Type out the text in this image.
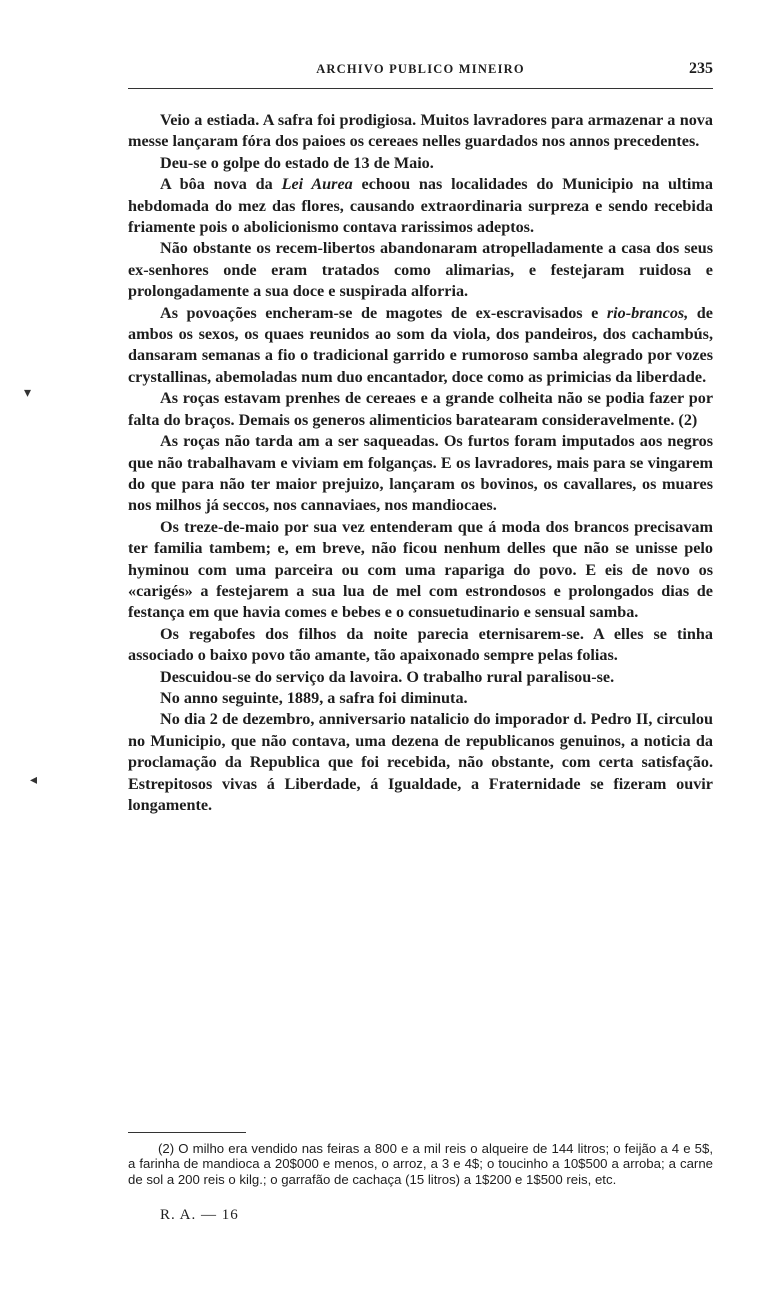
ARCHIVO PUBLICO MINEIRO	235

Veio a estiada. A safra foi prodigiosa. Muitos lavradores para armazenar a nova messe lançaram fóra dos paioes os cereaes nelles guardados nos annos precedentes.

Deu-se o golpe do estado de 13 de Maio.

A bôa nova da Lei Aurea echoou nas localidades do Municipio na ultima hebdomada do mez das flores, causando extraordinaria surpreza e sendo recebida friamente pois o abolicionismo contava rarissimos adeptos.

Não obstante os recem-libertos abandonaram atropelladamente a casa dos seus ex-senhores onde eram tratados como alimarias, e festejaram ruidosa e prolongadamente a sua doce e suspirada alforria.

As povoações encheram-se de magotes de ex-escravisados e rio-brancos, de ambos os sexos, os quaes reunidos ao som da viola, dos pandeiros, dos cachambús, dansaram semanas a fio o tradicional garrido e rumoroso samba alegrado por vozes crystallinas, abemoladas num duo encantador, doce como as primicias da liberdade.

As roças estavam prenhes de cereaes e a grande colheita não se podia fazer por falta do braços. Demais os generos alimenticios baratearam consideravelmente. (2)

As roças não tarda am a ser saqueadas. Os furtos foram imputados aos negros que não trabalhavam e viviam em folganças. E os lavradores, mais para se vingarem do que para não ter maior prejuizo, lançaram os bovinos, os cavallares, os muares nos milhos já seccos, nos cannaviaes, nos mandiocaes.

Os treze-de-maio por sua vez entenderam que á moda dos brancos precisavam ter familia tambem; e, em breve, não ficou nenhum delles que não se unisse pelo hyminou com uma parceira ou com uma rapariga do povo. E eis de novo os «carigés» a festejarem a sua lua de mel com estrondosos e prolongados dias de festança em que havia comes e bebes e o consuetudinario e sensual samba.

Os regabofes dos filhos da noite parecia eternisarem-se. A elles se tinha associado o baixo povo tão amante, tão apaixonado sempre pelas folias.

Descuidou-se do serviço da lavoira. O trabalho rural paralisou-se.

No anno seguinte, 1889, a safra foi diminuta.

No dia 2 de dezembro, anniversario natalicio do imporador d. Pedro II, circulou no Municipio, que não contava, uma dezena de republicanos genuinos, a noticia da proclamação da Republica que foi recebida, não obstante, com certa satisfação. Estrepitosos vivas á Liberdade, á Igualdade, a Fraternidade se fizeram ouvir longamente.

▾
◂

(2) O milho era vendido nas feiras a 800 e a mil reis o alqueire de 144 litros; o feijão a 4 e 5$, a farinha de mandioca a 20$000 e menos, o arroz, a 3 e 4$; o toucinho a 10$500 a arroba; a carne de sol a 200 reis o kilg.; o garrafão de cachaça (15 litros) a 1$200 e 1$500 reis, etc.

R. A. — 16
